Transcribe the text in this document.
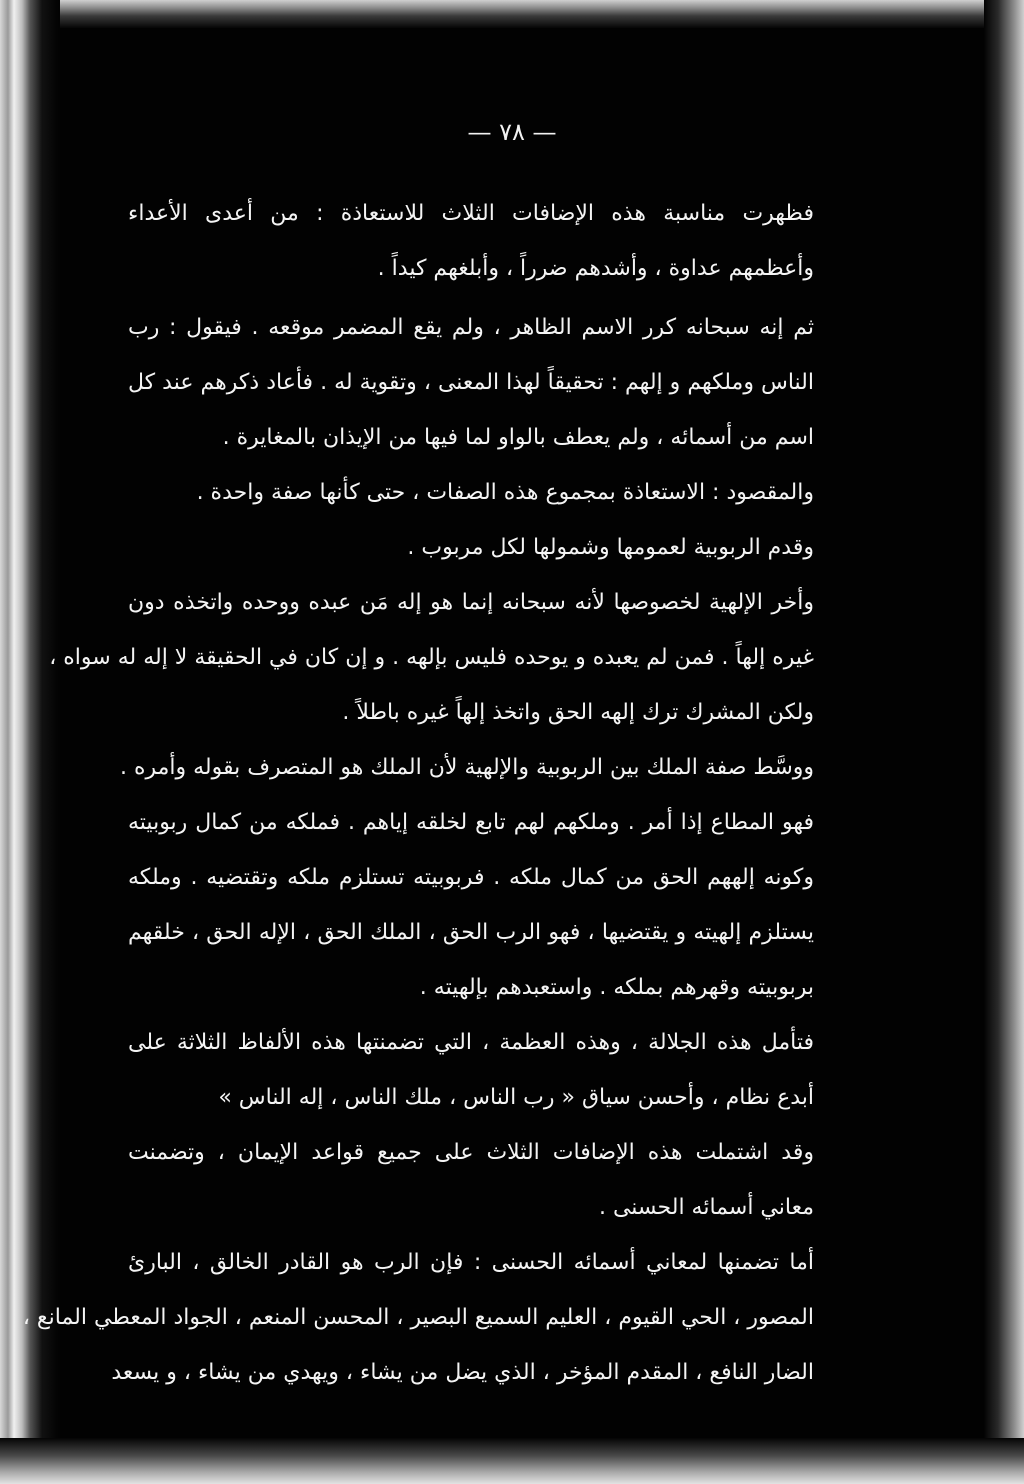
— ٧٨ —
فظهرت مناسبة هذه الإضافات الثلاث للاستعاذة : من أعدى الأعداء
وأعظمهم عداوة ، وأشدهم ضرراً ، وأبلغهم كيداً .
ثم إنه سبحانه كرر الاسم الظاهر ، ولم يقع المضمر موقعه . فيقول : رب
الناس وملكهم و إلهم : تحقيقاً لهذا المعنى ، وتقوية له . فأعاد ذكرهم عند كل
اسم من أسمائه ، ولم يعطف بالواو لما فيها من الإيذان بالمغايرة .
والمقصود : الاستعاذة بمجموع هذه الصفات ، حتى كأنها صفة واحدة .
وقدم الربوبية لعمومها وشمولها لكل مربوب .
وأخر الإلهية لخصوصها لأنه سبحانه إنما هو إله مَن عبده ووحده واتخذه دون
غيره إلهاً . فمن لم يعبده و يوحده فليس بإلهه . و إن كان في الحقيقة لا إله له سواه ،
ولكن المشرك ترك إلهه الحق واتخذ إلهاً غيره باطلاً .
ووسَّط صفة الملك بين الربوبية والإلهية لأن الملك هو المتصرف بقوله وأمره .
فهو المطاع إذا أمر . وملكهم لهم تابع لخلقه إياهم . فملكه من كمال ربوبيته
وكونه إلههم الحق من كمال ملكه . فربوبيته تستلزم ملكه وتقتضيه . وملكه
يستلزم إلهيته و يقتضيها ، فهو الرب الحق ، الملك الحق ، الإله الحق ، خلقهم
بربوبيته وقهرهم بملكه . واستعبدهم بإلهيته .
فتأمل هذه الجلالة ، وهذه العظمة ، التي تضمنتها هذه الألفاظ الثلاثة على
أبدع نظام ، وأحسن سياق « رب الناس ، ملك الناس ، إله الناس »
وقد اشتملت هذه الإضافات الثلاث على جميع قواعد الإيمان ، وتضمنت
معاني أسمائه الحسنى .
أما تضمنها لمعاني أسمائه الحسنى : فإن الرب هو القادر الخالق ، البارئ
المصور ، الحي القيوم ، العليم السميع البصير ، المحسن المنعم ، الجواد المعطي المانع ،
الضار النافع ، المقدم المؤخر ، الذي يضل من يشاء ، ويهدي من يشاء ، و يسعد
